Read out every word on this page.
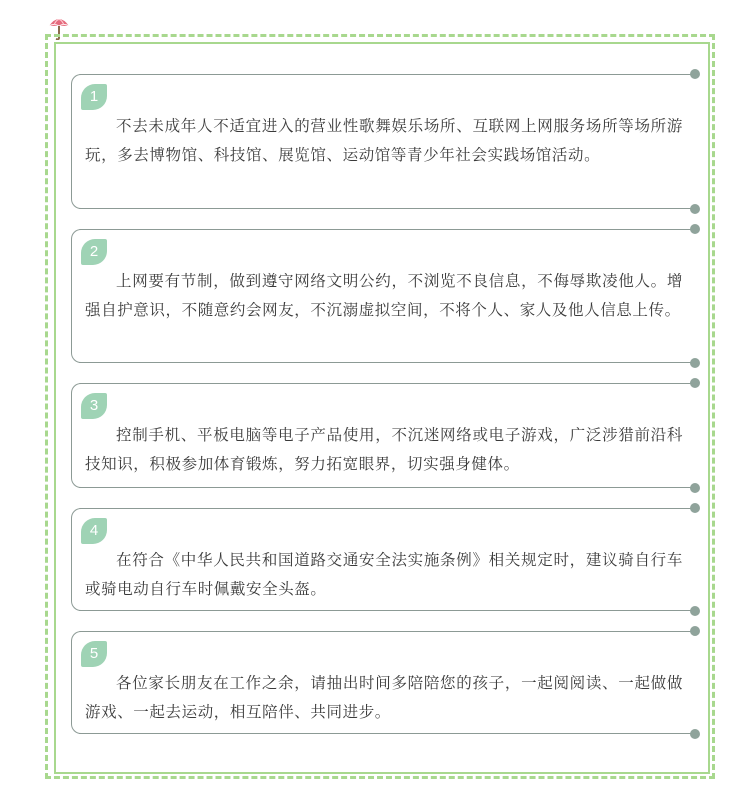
1
不去未成年人不适宜进入的营业性歌舞娱乐场所、互联网上网服务场所等场所游玩，多去博物馆、科技馆、展览馆、运动馆等青少年社会实践场馆活动。
2
上网要有节制，做到遵守网络文明公约，不浏览不良信息，不侮辱欺凌他人。增强自护意识，不随意约会网友，不沉溺虚拟空间，不将个人、家人及他人信息上传。
3
控制手机、平板电脑等电子产品使用，不沉迷网络或电子游戏，广泛涉猎前沿科技知识，积极参加体育锻炼，努力拓宽眼界，切实强身健体。
4
在符合《中华人民共和国道路交通安全法实施条例》相关规定时，建议骑自行车或骑电动自行车时佩戴安全头盔。
5
各位家长朋友在工作之余，请抽出时间多陪陪您的孩子，一起阅阅读、一起做做游戏、一起去运动，相互陪伴、共同进步。
